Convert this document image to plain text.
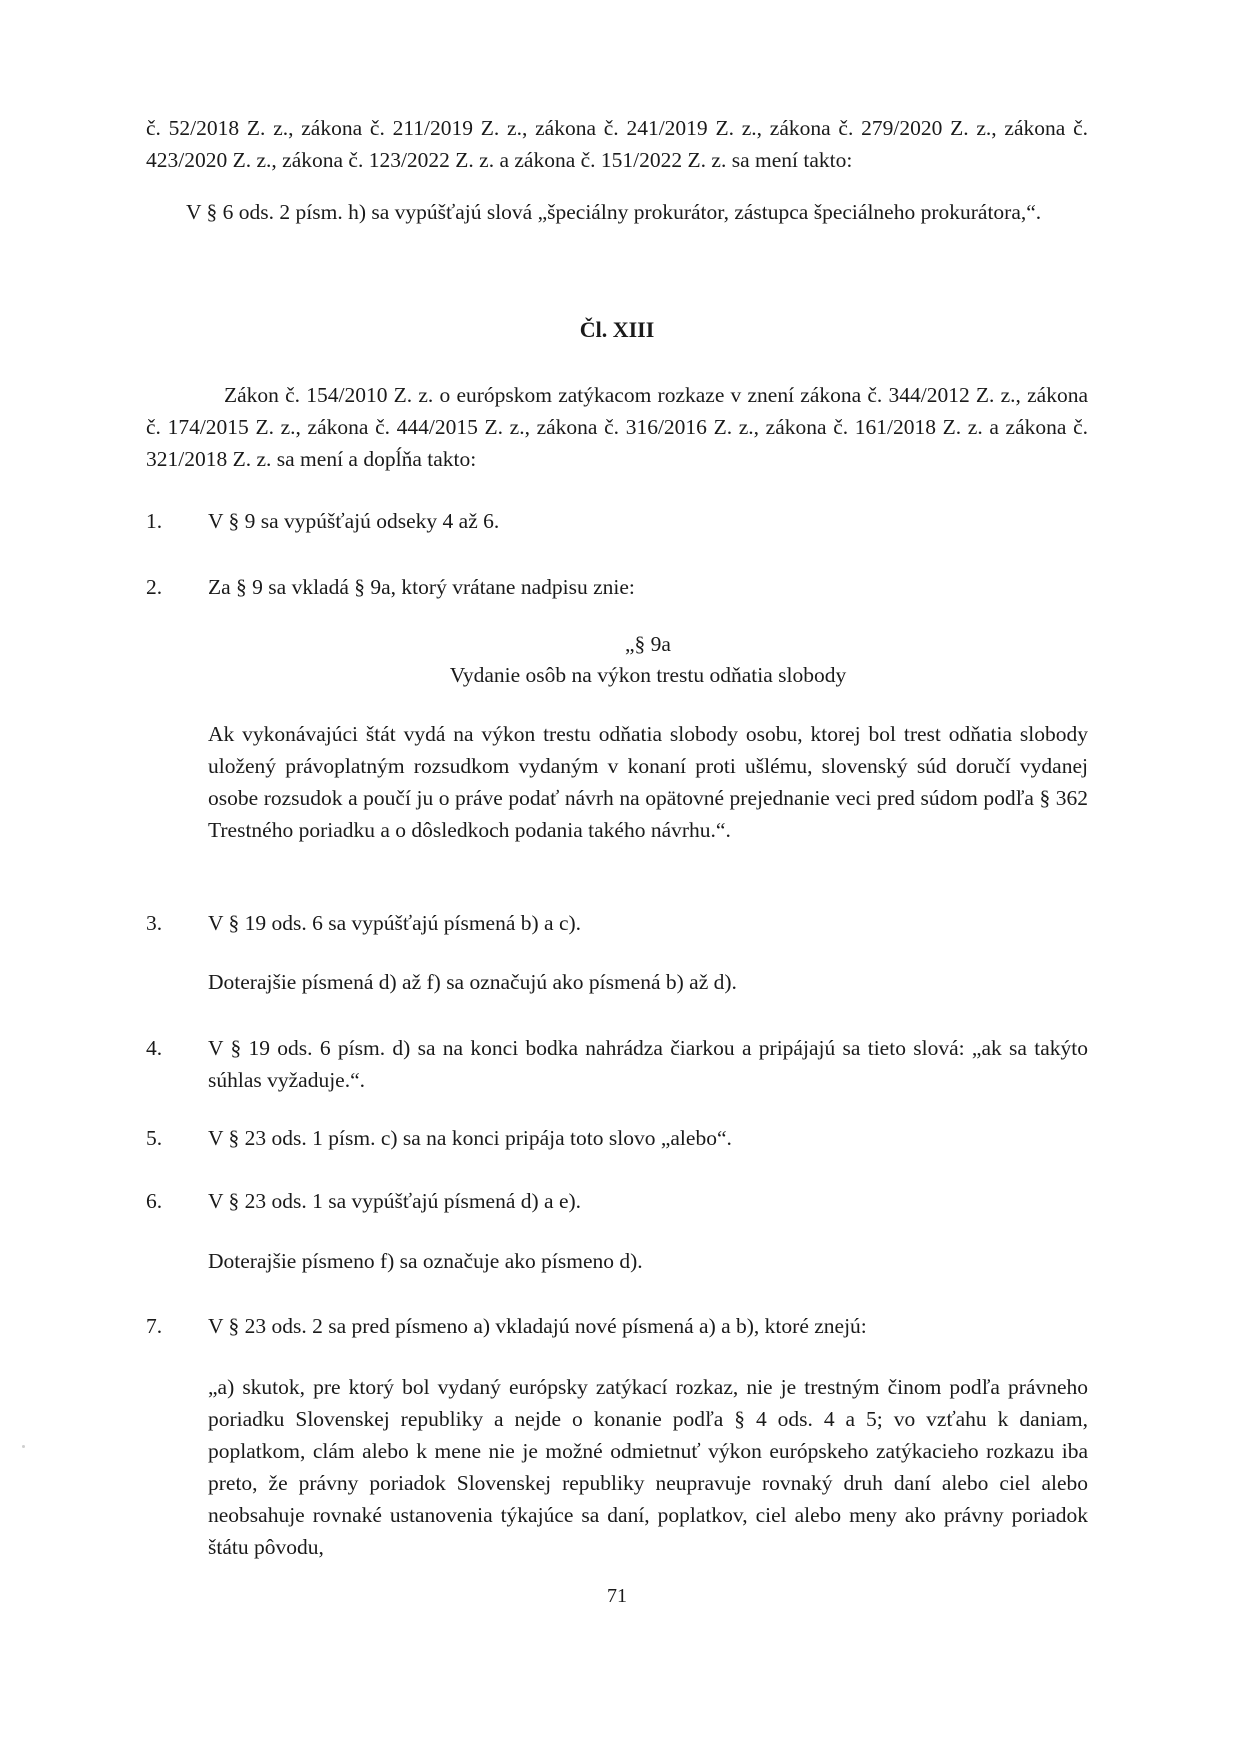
č. 52/2018 Z. z., zákona č. 211/2019 Z. z., zákona č. 241/2019 Z. z., zákona č. 279/2020 Z. z., zákona č. 423/2020 Z. z., zákona č. 123/2022 Z. z. a zákona č. 151/2022 Z. z. sa mení takto:

V § 6 ods. 2 písm. h) sa vypúšťajú slová „špeciálny prokurátor, zástupca špeciálneho prokurátora,“.

Čl. XIII

Zákon č. 154/2010 Z. z. o európskom zatýkacom rozkaze v znení zákona č. 344/2012 Z. z., zákona č. 174/2015 Z. z., zákona č. 444/2015 Z. z., zákona č. 316/2016 Z. z., zákona č. 161/2018 Z. z. a zákona č. 321/2018 Z. z. sa mení a dopĺňa takto:

1.	V § 9 sa vypúšťajú odseky 4 až 6.
2.	Za § 9 sa vkladá § 9a, ktorý vrátane nadpisu znie:

„§ 9a

Vydanie osôb na výkon trestu odňatia slobody

Ak vykonávajúci štát vydá na výkon trestu odňatia slobody osobu, ktorej bol trest odňatia slobody uložený právoplatným rozsudkom vydaným v konaní proti ušlému, slovenský súd doručí vydanej osobe rozsudok a poučí ju o práve podať návrh na opätovné prejednanie veci pred súdom podľa § 362 Trestného poriadku a o dôsledkoch podania takého návrhu.“.

3.	V § 19 ods. 6 sa vypúšťajú písmená b) a c).

Doterajšie písmená d) až f) sa označujú ako písmená b) až d).

4.	V § 19 ods. 6 písm. d) sa na konci bodka nahrádza čiarkou a pripájajú sa tieto slová: „ak sa takýto súhlas vyžaduje.“.
5.	V § 23 ods. 1 písm. c) sa na konci pripája toto slovo „alebo“.
6.	V § 23 ods. 1 sa vypúšťajú písmená d) a e).

Doterajšie písmeno f) sa označuje ako písmeno d).

7.	V § 23 ods. 2 sa pred písmeno a) vkladajú nové písmená a) a b), ktoré znejú:

„a) skutok, pre ktorý bol vydaný európsky zatýkací rozkaz, nie je trestným činom podľa právneho poriadku Slovenskej republiky a nejde o konanie podľa § 4 ods. 4 a 5; vo vzťahu k daniam, poplatkom, clám alebo k mene nie je možné odmietnuť výkon európskeho zatýkacieho rozkazu iba preto, že právny poriadok Slovenskej republiky neupravuje rovnaký druh daní alebo ciel alebo neobsahuje rovnaké ustanovenia týkajúce sa daní, poplatkov, ciel alebo meny ako právny poriadok štátu pôvodu,

71
